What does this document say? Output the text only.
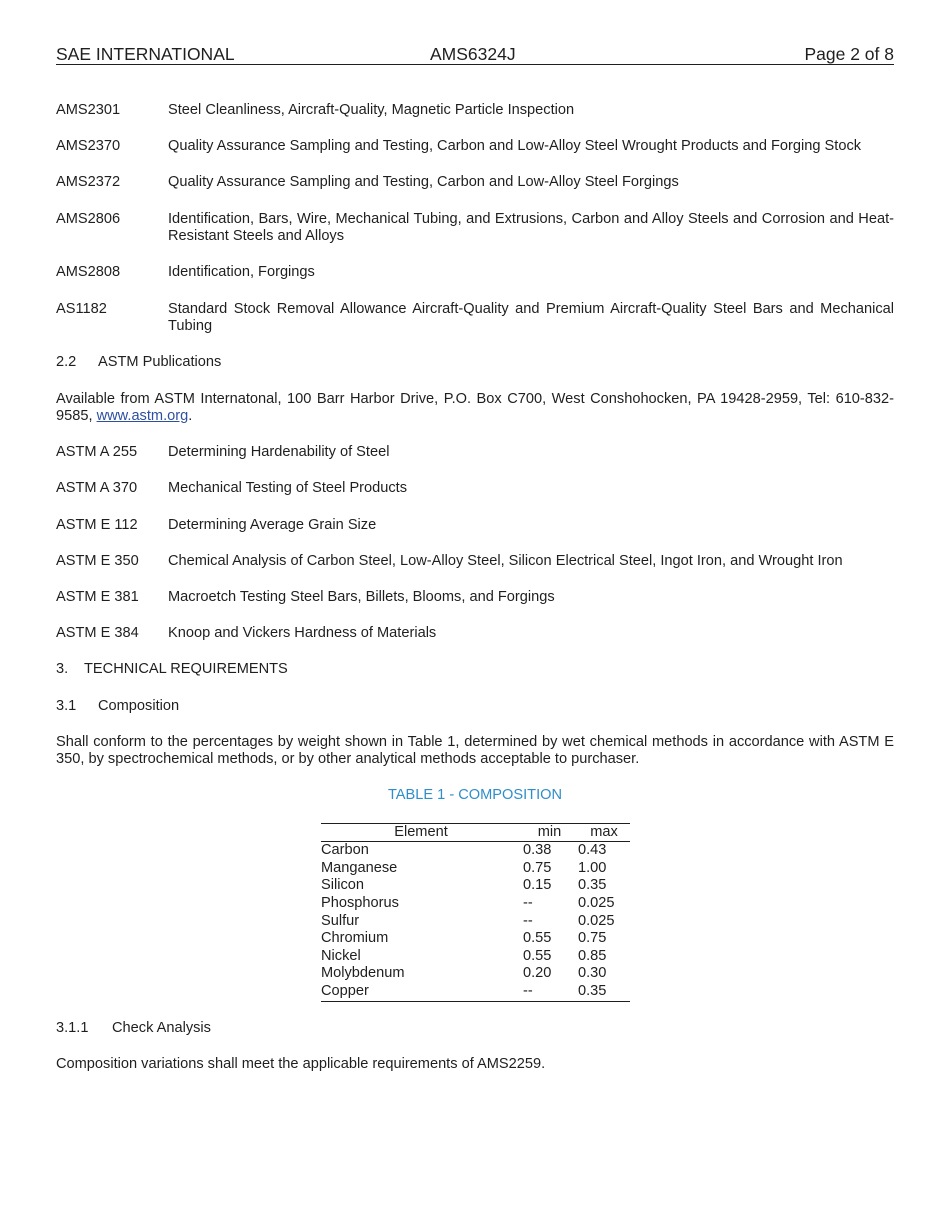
SAE INTERNATIONAL	AMS6324J	Page 2 of 8
AMS2301	Steel Cleanliness, Aircraft-Quality, Magnetic Particle Inspection
AMS2370	Quality Assurance Sampling and Testing, Carbon and Low-Alloy Steel Wrought Products and Forging Stock
AMS2372	Quality Assurance Sampling and Testing, Carbon and Low-Alloy Steel Forgings
AMS2806	Identification, Bars, Wire, Mechanical Tubing, and Extrusions, Carbon and Alloy Steels and Corrosion and Heat-Resistant Steels and Alloys
AMS2808	Identification, Forgings
AS1182	Standard Stock Removal Allowance Aircraft-Quality and Premium Aircraft-Quality Steel Bars and Mechanical Tubing
2.2	ASTM Publications
Available from ASTM Internatonal, 100 Barr Harbor Drive, P.O. Box C700, West Conshohocken, PA 19428-2959, Tel: 610-832-9585, www.astm.org.
ASTM A 255	Determining Hardenability of Steel
ASTM A 370	Mechanical Testing of Steel Products
ASTM E 112	Determining Average Grain Size
ASTM E 350	Chemical Analysis of Carbon Steel, Low-Alloy Steel, Silicon Electrical Steel, Ingot Iron, and Wrought Iron
ASTM E 381	Macroetch Testing Steel Bars, Billets, Blooms, and Forgings
ASTM E 384	Knoop and Vickers Hardness of Materials
3.	TECHNICAL REQUIREMENTS
3.1	Composition
Shall conform to the percentages by weight shown in Table 1, determined by wet chemical methods in accordance with ASTM E 350, by spectrochemical methods, or by other analytical methods acceptable to purchaser.
TABLE 1 - COMPOSITION
Element	min	max
Carbon	0.38	0.43
Manganese	0.75	1.00
Silicon	0.15	0.35
Phosphorus	--	0.025
Sulfur	--	0.025
Chromium	0.55	0.75
Nickel	0.55	0.85
Molybdenum	0.20	0.30
Copper	--	0.35
3.1.1	Check Analysis
Composition variations shall meet the applicable requirements of AMS2259.
